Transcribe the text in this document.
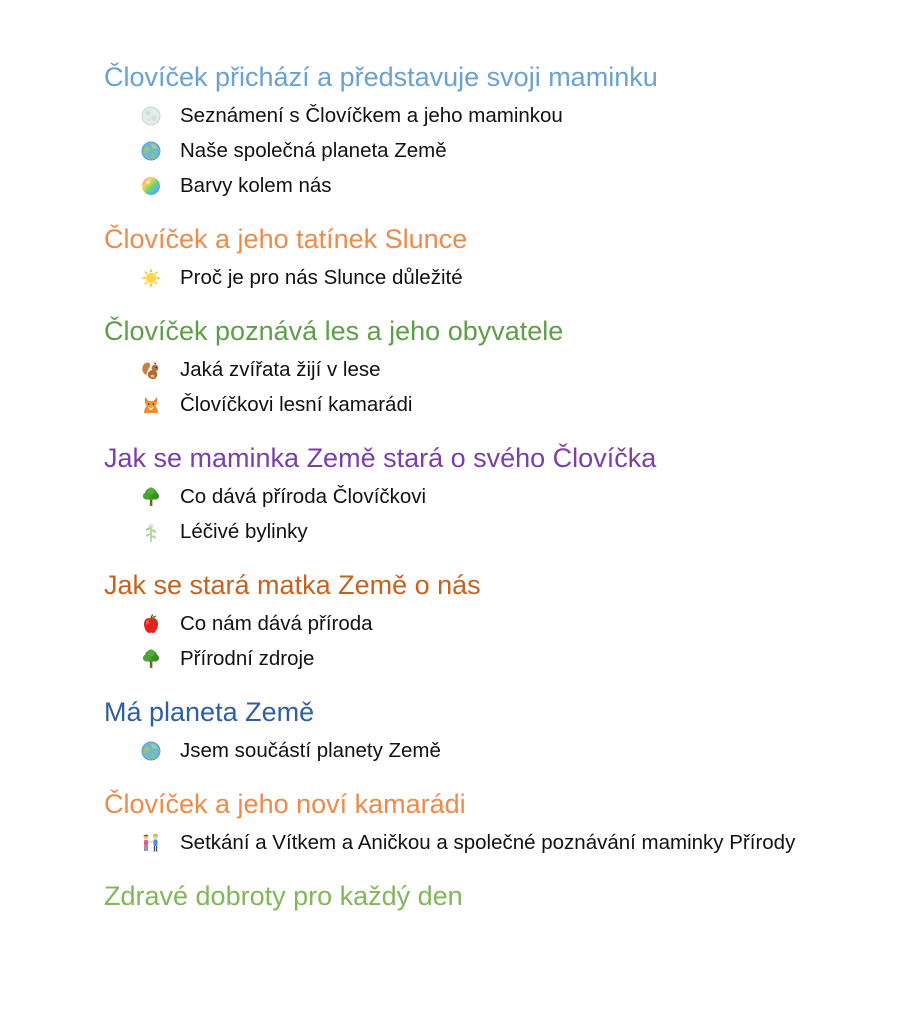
Človíček přichází a představuje svoji maminku
Seznámení s Človíčkem a jeho maminkou
Naše společná planeta Země
Barvy kolem nás
Človíček a jeho tatínek Slunce
Proč je pro nás Slunce důležité
Človíček poznává les a jeho obyvatele
Jaká zvířata žijí v lese
Človíčkovi lesní kamarádi
Jak se maminka Země stará o svého Človíčka
Co dává příroda Človíčkovi
Léčivé bylinky
Jak se stará matka Země o nás
Co nám dává příroda
Přírodní zdroje
Má planeta Země
Jsem součástí planety Země
Človíček a jeho noví kamarádi
Setkání a Vítkem a Aničkou a společné poznávání maminky Přírody
Zdravé dobroty pro každý den
